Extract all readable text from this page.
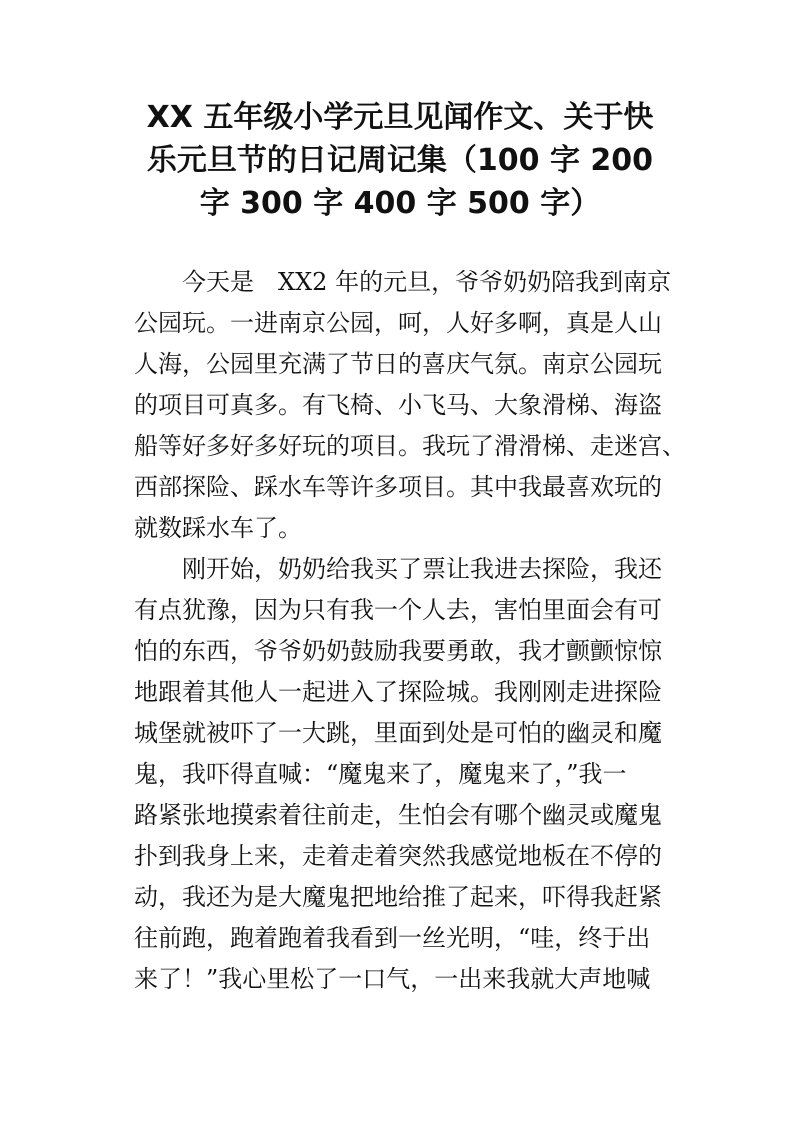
XX 五年级小学元旦见闻作文、关于快
乐元旦节的日记周记集（100 字 200
字 300 字 400 字 500 字）
今天是　XX2 年的元旦，爷爷奶奶陪我到南京
公园玩。一进南京公园，呵，人好多啊，真是人山
人海，公园里充满了节日的喜庆气氛。南京公园玩
的项目可真多。有飞椅、小飞马、大象滑梯、海盗
船等好多好多好玩的项目。我玩了滑滑梯、走迷宫、
西部探险、踩水车等许多项目。其中我最喜欢玩的
就数踩水车了。
刚开始，奶奶给我买了票让我进去探险，我还
有点犹豫，因为只有我一个人去，害怕里面会有可
怕的东西，爷爷奶奶鼓励我要勇敢，我才颤颤惊惊
地跟着其他人一起进入了探险城。我刚刚走进探险
城堡就被吓了一大跳，里面到处是可怕的幽灵和魔
鬼，我吓得直喊：“魔鬼来了，魔鬼来了，”我一
路紧张地摸索着往前走，生怕会有哪个幽灵或魔鬼
扑到我身上来，走着走着突然我感觉地板在不停的
动，我还为是大魔鬼把地给推了起来，吓得我赶紧
往前跑，跑着跑着我看到一丝光明，“哇，终于出
来了！”我心里松了一口气，一出来我就大声地喊
